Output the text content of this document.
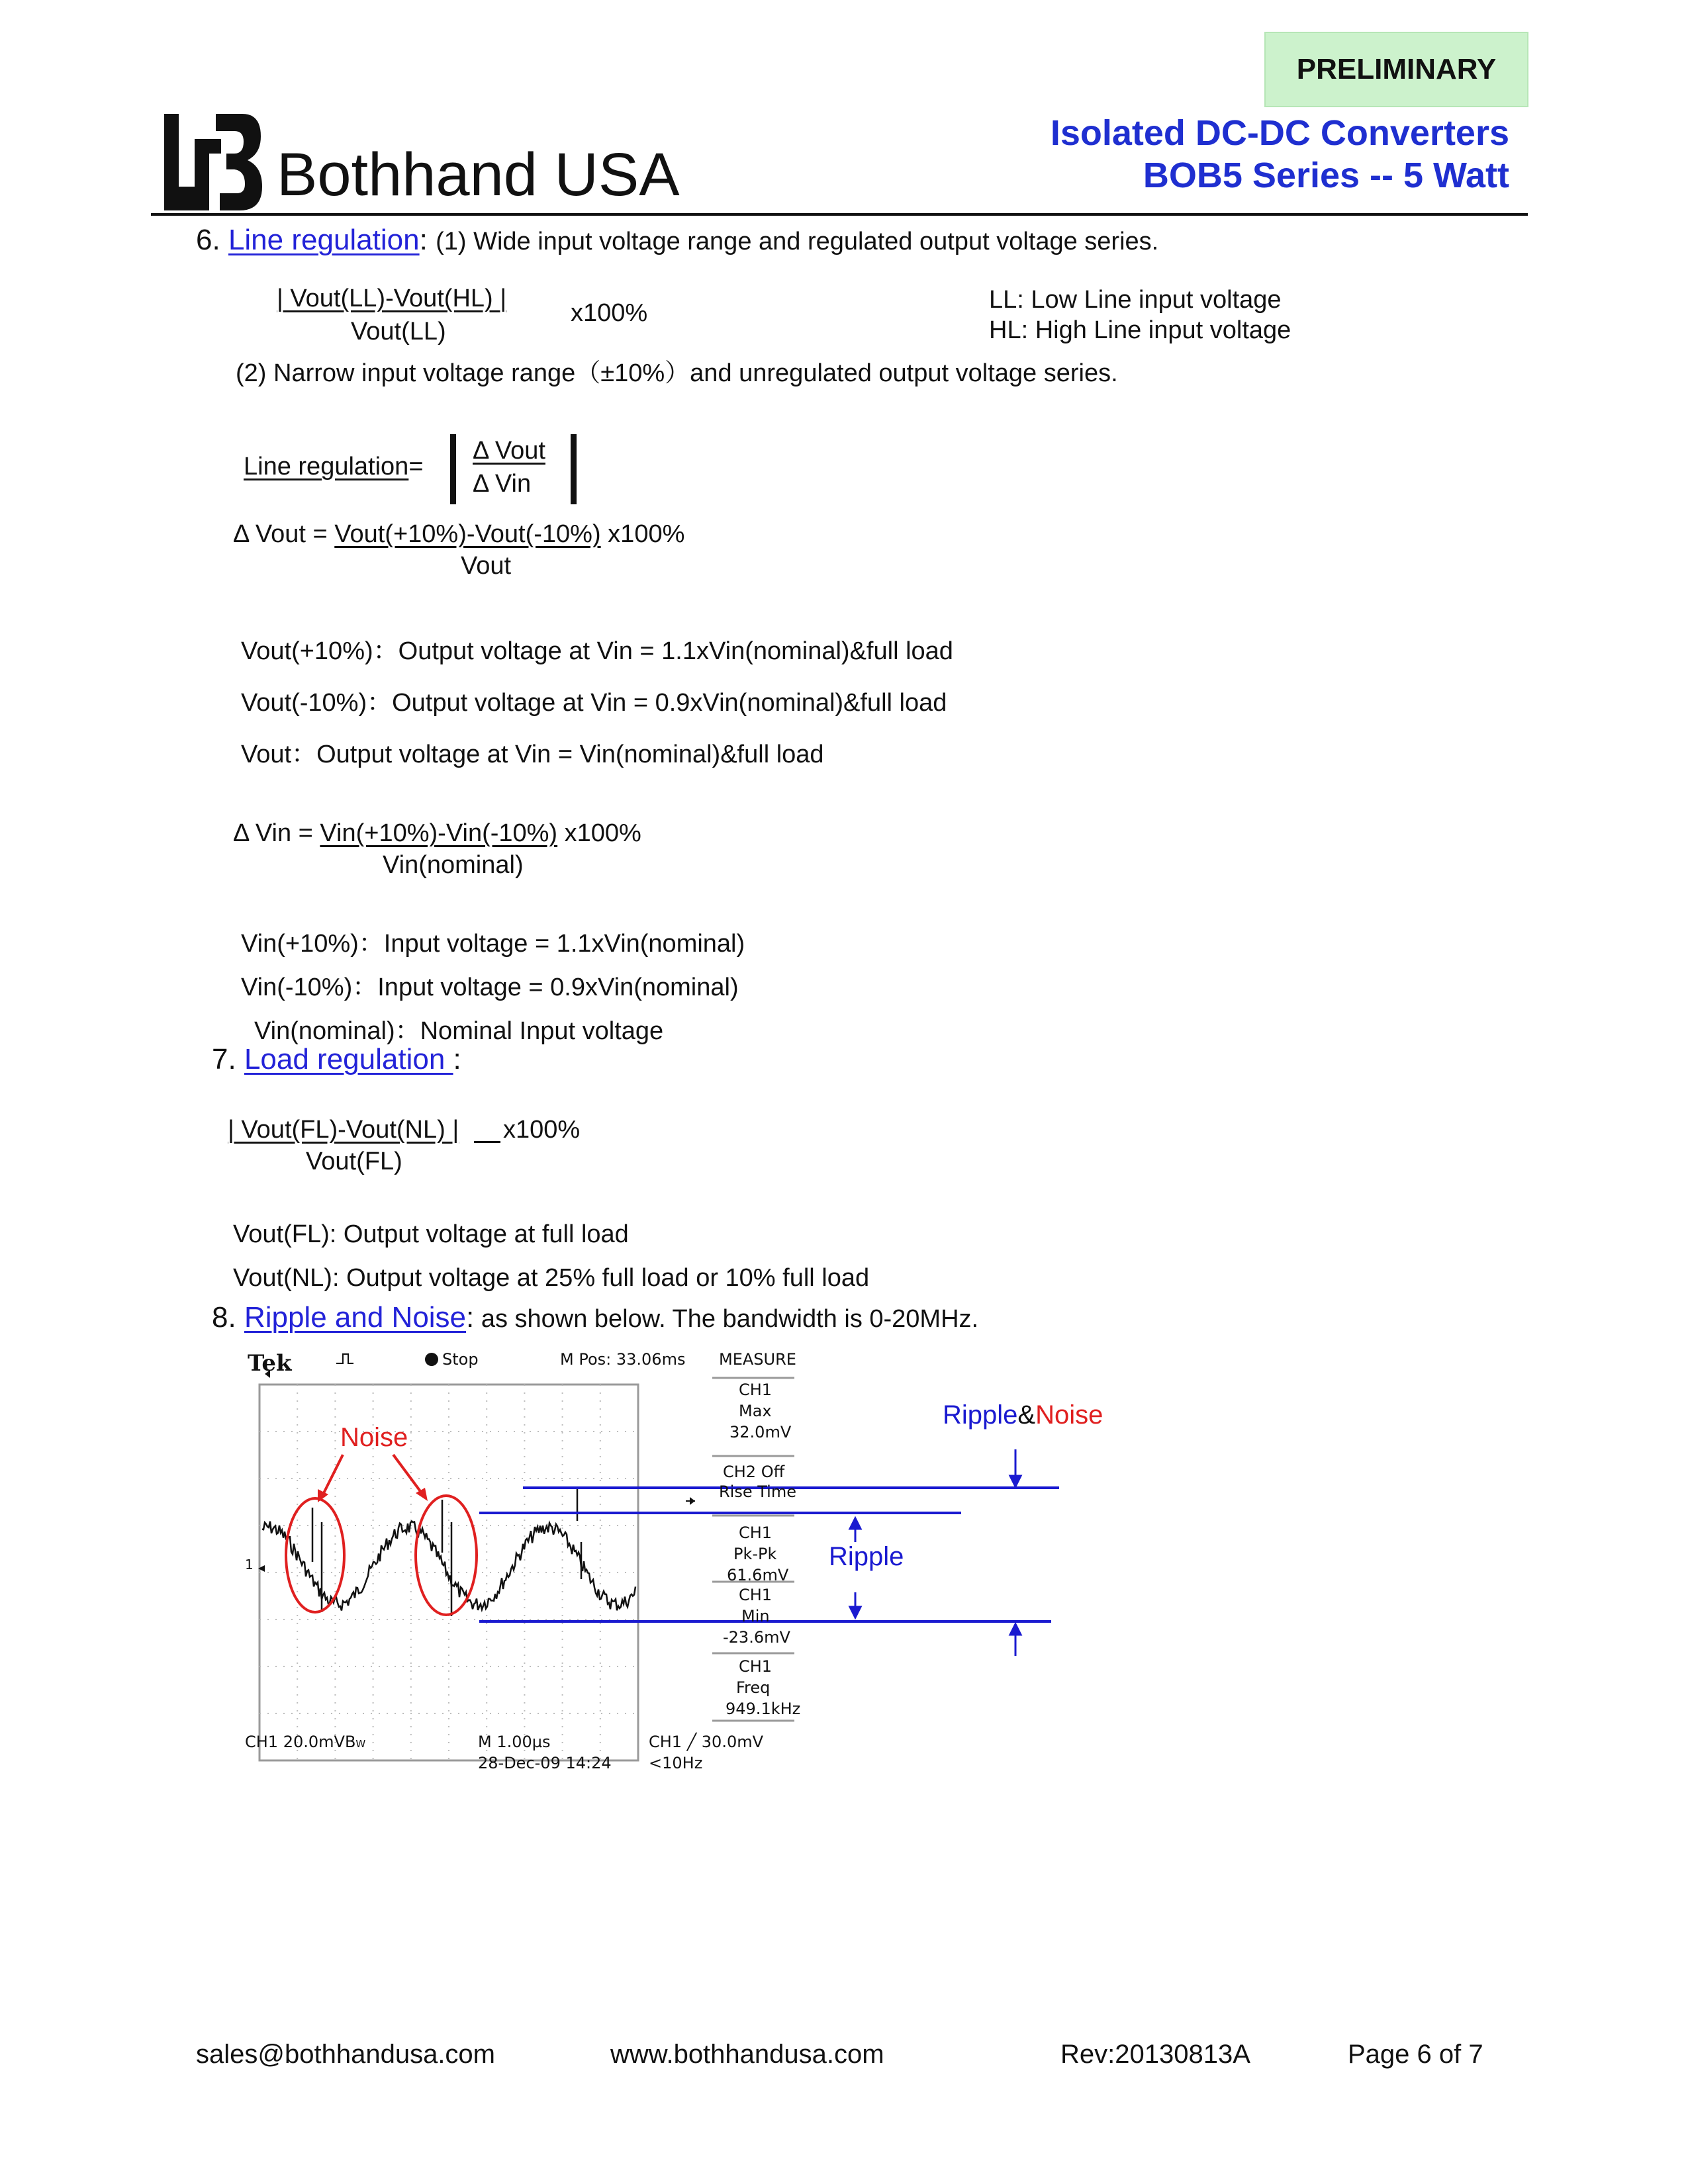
PRELIMINARY
Bothhand USA
Isolated DC-DC Converters
BOB5 Series -- 5 Watt
6. Line regulation: (1) Wide input voltage range and regulated output voltage series.
| Vout(LL)-Vout(HL) |
Vout(LL)
x100%	LL: Low Line input voltage
HL: High Line input voltage
(2) Narrow input voltage range（±10%）and unregulated output voltage series.
Line regulation=
Δ Vout
Δ Vin
Δ Vout = Vout(+10%)-Vout(-10%) x100%
Vout
Vout(+10%)：Output voltage at Vin = 1.1xVin(nominal)&full load
Vout(-10%)：Output voltage at Vin = 0.9xVin(nominal)&full load
Vout：Output voltage at Vin = Vin(nominal)&full load
Δ Vin = Vin(+10%)-Vin(-10%) x100%
Vin(nominal)
Vin(+10%)：Input voltage = 1.1xVin(nominal)
Vin(-10%)：Input voltage = 0.9xVin(nominal)
Vin(nominal)：Nominal Input voltage
7. Load regulation :
| Vout(FL)-Vout(NL) | x100%
Vout(FL)
Vout(FL): Output voltage at full load
Vout(NL): Output voltage at 25% full load or 10% full load
8. Ripple and Noise: as shown below. The bandwidth is 0-20MHz.
Tek	Stop	M Pos: 33.06ms MEASURE
CH1
Max
32.0mV
CH2 Off
Rise Time
CH1
Pk-Pk
61.6mV
CH1
Min
-23.6mV
CH1
Freq
949.1kHz
1
CH1 20.0mVBW	M 1.00µs
28-Dec-09 14:24
CH1 ╱ 30.0mV
<10Hz
Noise
Ripple
Ripple&Noise
sales@bothhandusa.com	www.bothhandusa.com	Rev:20130813A	Page 6 of 7
